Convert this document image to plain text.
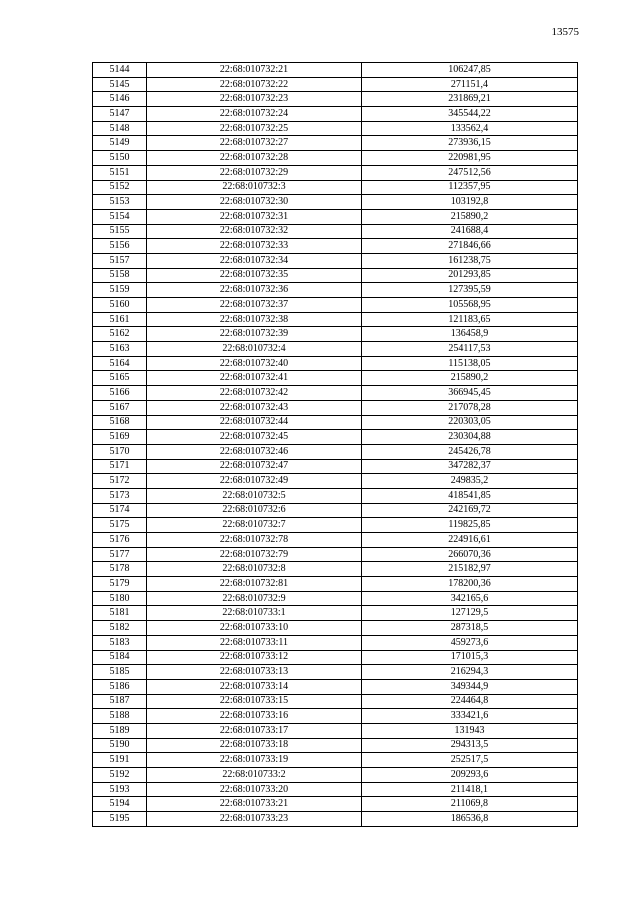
13575
5144	22:68:010732:21	106247,85
5145	22:68:010732:22	271151,4
5146	22:68:010732:23	231869,21
5147	22:68:010732:24	345544,22
5148	22:68:010732:25	133562,4
5149	22:68:010732:27	273936,15
5150	22:68:010732:28	220981,95
5151	22:68:010732:29	247512,56
5152	22:68:010732:3	112357,95
5153	22:68:010732:30	103192,8
5154	22:68:010732:31	215890,2
5155	22:68:010732:32	241688,4
5156	22:68:010732:33	271846,66
5157	22:68:010732:34	161238,75
5158	22:68:010732:35	201293,85
5159	22:68:010732:36	127395,59
5160	22:68:010732:37	105568,95
5161	22:68:010732:38	121183,65
5162	22:68:010732:39	136458,9
5163	22:68:010732:4	254117,53
5164	22:68:010732:40	115138,05
5165	22:68:010732:41	215890,2
5166	22:68:010732:42	366945,45
5167	22:68:010732:43	217078,28
5168	22:68:010732:44	220303,05
5169	22:68:010732:45	230304,88
5170	22:68:010732:46	245426,78
5171	22:68:010732:47	347282,37
5172	22:68:010732:49	249835,2
5173	22:68:010732:5	418541,85
5174	22:68:010732:6	242169,72
5175	22:68:010732:7	119825,85
5176	22:68:010732:78	224916,61
5177	22:68:010732:79	266070,36
5178	22:68:010732:8	215182,97
5179	22:68:010732:81	178200,36
5180	22:68:010732:9	342165,6
5181	22:68:010733:1	127129,5
5182	22:68:010733:10	287318,5
5183	22:68:010733:11	459273,6
5184	22:68:010733:12	171015,3
5185	22:68:010733:13	216294,3
5186	22:68:010733:14	349344,9
5187	22:68:010733:15	224464,8
5188	22:68:010733:16	333421,6
5189	22:68:010733:17	131943
5190	22:68:010733:18	294313,5
5191	22:68:010733:19	252517,5
5192	22:68:010733:2	209293,6
5193	22:68:010733:20	211418,1
5194	22:68:010733:21	211069,8
5195	22:68:010733:23	186536,8
